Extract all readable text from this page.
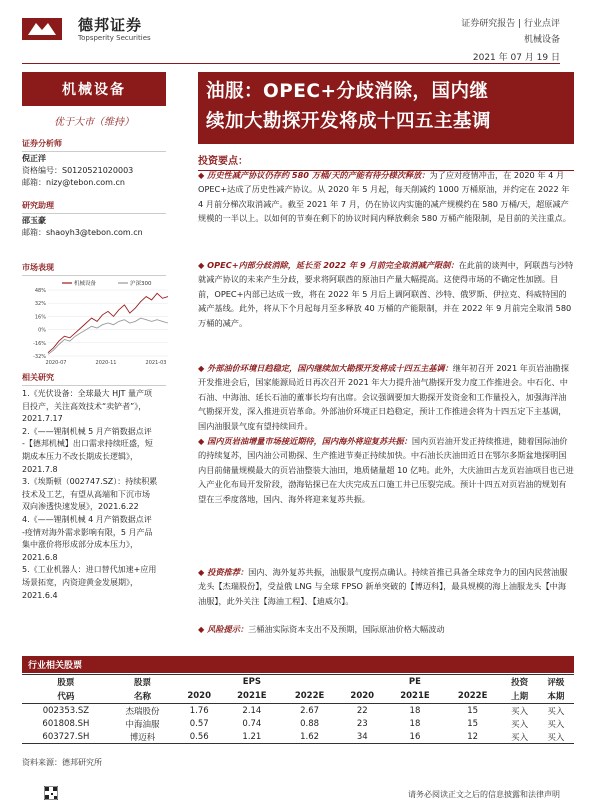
德邦证券
Topsperity Securities
证券研究报告 | 行业点评
机械设备
2021 年 07 月 19 日
机械设备
优于大市（维持）
证券分析师
倪正洋
资格编号：S0120521020003
邮箱：nizy@tebon.com.cn
研究助理
邵玉豪
邮箱：shaoyh3@tebon.com.cn
市场表现
-32%
-16%
0%
16%
32%
48%
2020-07	2020-11	2021-03
机械设备	沪深300
相关研究
1.《光伏设备：全球最大 HJT 量产项
目投产，关注高效技术“卖铲者”》，
2021.7.17
2.《——锂制机械 5 月产销数据点评
-【德邦机械】出口需求持续旺盛，短
期成本压力不改长期成长逻辑》，
2021.7.8
3.《埃斯顿（002747.SZ）：持续积累
技术及工艺，有望从高端和下沉市场
双向渗透快速发展》，2021.6.22
4.《——锂制机械 4 月产销数据点评
-疫情对海外需求影响有限，5 月产品
集中涨价将形成部分成本压力》，
2021.6.8
5.《工业机器人：进口替代加速+应用
场景拓宽，内资迎黄金发展期》，
2021.6.4
油服：OPEC+分歧消除，国内继
续加大勘探开发将成十四五主基调
投资要点：
◆ 历史性减产协议仍存约 580 万桶/天的产能有待分様次释放：为了应对疫情冲击，在 2020 年 4 月 OPEC+达成了历史性减产协议。从 2020 年 5 月起，每天削减约 1000 万桶原油，并约定在 2022 年 4 月前分梯次取消减产。截至 2021 年 7 月，仍在协议内实施的减产规模约在 580 万桶/天，超原减产规模的一半以上。以如何的节奏在剩下的协议时间内释放剩余 580 万桶产能限制，是目前的关注重点。
◆ OPEC+内部分歧消除，延长至 2022 年 9 月前完全取消减产限制：在此前的谈判中，阿联酋与沙特就减产协议的未来产生分歧，要求将阿联酋的原油日产量大幅提高。这使得市场的不确定性加剧。目前，OPEC+内部已达成一致，将在 2022 年 5 月后上调阿联酋、沙特、俄罗斯、伊拉克、科威特国的减产基线。此外，将从下个月起每月至多释放 40 万桶的产能限制，并在 2022 年 9 月前完全取消 580 万桶的减产。
◆ 外部油价环境日趋稳定，国内继续加大勘探开发将成十四五主基调：继年初召开 2021 年页岩油勘探开发推进会后，国家能源局近日再次召开 2021 年大力提升油气勘探开发力度工作推进会。中石化、中石油、中海油、延长石油的董事长均有出席。会议强调要加大勘探开发资金和工作量投入，加强海洋油气勘探开发，深入推进页岩革命。外部油价环境正日趋稳定，预计工作推进会将为十四五定下主基调，国内油服景气度有望持续回升。
◆ 国内页岩油增量市场接近期待，国内海外将迎复苏共振：国内页岩油开发正持续推进，随着国际油价的持续复苏，国内油公司勘探、生产推进节奏正持续加快。中石油长庆油田近日在鄂尔多斯盆地探明国内目前储量规模最大的页岩油整装大油田，地质储量超 10 亿吨。此外，大庆油田古龙页岩油项目也已进入产业化布局开发阶段，渤海钻探已在大庆完成五口施工井已压裂完成。预计十四五对页岩油的规划有望在三季度落地，国内、海外将迎来复苏共振。
◆ 投资推荐：国内、海外复苏共振，油服景气度拐点确认。持续首推已具备全球竞争力的国内民营油服龙头【杰瑞股份】，受益俄 LNG 与全球 FPSO 新单突破的【博迈科】，最具规模的海上油服龙头【中海油服】，此外关注【海油工程】、【迪威尔】。
◆ 风险提示：三桶油实际资本支出不及预期，国际原油价格大幅波动
行业相关股票
股票	股票		EPS			PE		投资	评级
代码	名称	2020	2021E	2022E	2020	2021E	2022E	上期	本期
002353.SZ	杰瑞股份	1.76	2.14	2.67	22	18	15	买入	买入
601808.SH	中海油服	0.57	0.74	0.88	23	18	15	买入	买入
603727.SH	博迈科	0.56	1.21	1.62	34	16	12	买入	买入
资料来源：德邦研究所
请务必阅读正文之后的信息披露和法律声明
